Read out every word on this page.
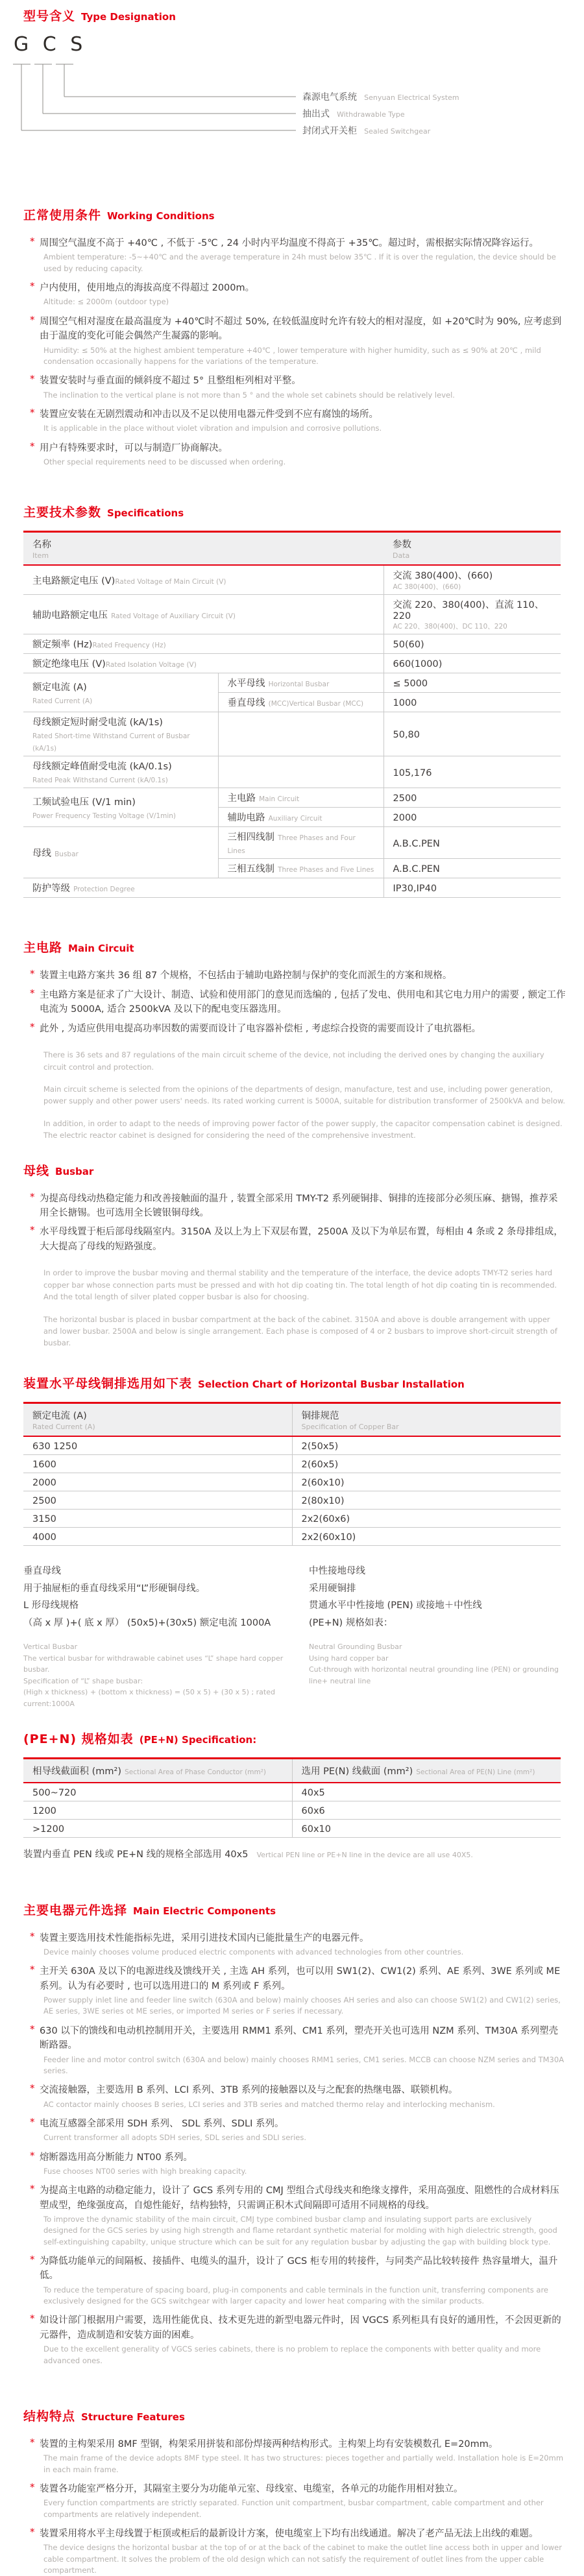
型号含义 Type Designation
G C S
森源电气系统 Senyuan Electrical System
抽出式 Withdrawable Type
封闭式开关柜 Sealed Switchgear
正常使用条件 Working Conditions
* 周围空气温度不高于 +40℃ , 不低于 -5℃ , 24 小时内平均温度不得高于 +35℃。超过时，需根据实际情况降容运行。
Ambient temperature: -5~+40℃ and the average temperature in 24h must below 35℃ . If it is over the regulation, the device should be used by reducing capacity.
* 户内使用，使用地点的海拔高度不得超过 2000m。
Altitude: ≤ 2000m (outdoor type)
* 周围空气相对湿度在最高温度为 +40℃时不超过 50%, 在较低温度时允许有较大的相对湿度，如 +20℃时为 90%, 应考虑到由于温度的变化可能会偶然产生凝露的影响。
Humidity: ≤ 50% at the highest ambient temperature +40℃ , lower temperature with higher humidity, such as ≤ 90% at 20℃ , mild condensation occasionally happens for the variations of the temperature.
* 装置安装时与垂直面的倾斜度不超过 5° 且整组柜列相对平整。
The inclination to the vertical plane is not more than 5 ° and the whole set cabinets should be relatively level.
* 装置应安装在无剧烈震动和冲击以及不足以使用电器元件受到不应有腐蚀的场所。
It is applicable in the place without violet vibration and impulsion and corrosive pollutions.
* 用户有特殊要求时，可以与制造厂协商解决。
Other special requirements need to be discussed when ordering.
主要技术参数 Specifications
名称
Item		参数
Data

主电路额定电压 (V)Rated Voltage of Main Circuit (V)		交流 380(400)、(660)
AC 380(400)、(660)

辅助电路额定电压 Rated Voltage of Auxiliary Circuit (V)		交流 220、380(400)、直流 110、220
AC 220、380(400)、DC 110、220

额定频率 (Hz)Rated Frequency (Hz)		50(60)
额定绝缘电压 (V)Rated Isolation Voltage (V)		660(1000)

额定电流 (A)
Rated Current (A)	水平母线 Horizontal Busbar	≤ 5000
	垂直母线 (MCC)Vertical Busbar (MCC)	1000

母线额定短时耐受电流 (kA/1s)
Rated Short-time Withstand Current of Busbar (kA/1s)		50,80

母线额定峰值耐受电流 (kA/0.1s)
Rated Peak Withstand Current (kA/0.1s)		105,176

工频试验电压 (V/1 min)
Power Frequency Testing Voltage (V/1min)	主电路 Main Circuit	2500
	辅助电路 Auxiliary Circuit	2000
母线 Busbar	三相四线制 Three Phases and Four Lines	A.B.C.PEN
	三相五线制 Three Phases and Five Lines	A.B.C.PEN
防护等级 Protection Degree		IP30,IP40
主电路 Main Circuit
* 装置主电路方案共 36 组 87 个规格，不包括由于辅助电路控制与保护的变化而派生的方案和规格。
* 主电路方案是征求了广大设计、制造、试验和使用部门的意见而选编的 , 包括了发电、供用电和其它电力用户的需要 , 额定工作电流为 5000A, 适合 2500kVA 及以下的配电变压器选用。
* 此外 , 为适应供用电提高功率因数的需要而设计了电容器补偿柜 , 考虑综合投资的需要而设计了电抗器柜。
There is 36 sets and 87 regulations of the main circuit scheme of the device, not including the derived ones by changing the auxiliary circuit control and protection.
Main circuit scheme is selected from the opinions of the departments of design, manufacture, test and use, including power generation, power supply and other power users' needs. Its rated working current is 5000A, suitable for distribution transformer of 2500kVA and below.
In addition, in order to adapt to the needs of improving power factor of the power supply, the capacitor compensation cabinet is designed. The electric reactor cabinet is designed for considering the need of the comprehensive investment.
母线 Busbar
* 为提高母线动热稳定能力和改善接触面的温升 , 装置全部采用 TMY-T2 系列硬铜排、铜排的连接部分必须压麻、搪锡，推荐采用全长搪锡。也可选用全长镀银铜母线。
* 水平母线置于柜后部母线隔室内。3150A 及以上为上下双层布置，2500A 及以下为单层布置，每相由 4 条或 2 条母排组成，大大提高了母线的短路强度。
In order to improve the busbar moving and thermal stability and the temperature of the interface, the device adopts TMY-T2 series hard copper bar whose connection parts must be pressed and with hot dip coating tin. The total length of hot dip coating tin is recommended. And the total length of silver plated copper busbar is also for choosing.
The horizontal busbar is placed in busbar compartment at the back of the cabinet. 3150A and above is double arrangement with upper and lower busbar. 2500A and below is single arrangement. Each phase is composed of 4 or 2 busbars to improve short-circuit strength of busbar.
装置水平母线铜排选用如下表 Selection Chart of Horizontal Busbar Installation
额定电流 (A)
Rated Current (A)	铜排规范
Specification of Copper Bar

630 1250	2(50x5)
1600	2(60x5)
2000	2(60x10)
2500	2(80x10)
3150	2x2(60x6)
4000	2x2(60x10)
垂直母线
用于抽屉柜的垂直母线采用“L”形硬铜母线。
L 形母线规格
（高 x 厚 )+( 底 x 厚） (50x5)+(30x5) 额定电流 1000A
Vertical Busbar
The vertical busbar for withdrawable cabinet uses “L” shape hard copper busbar.
Specification of “L” shape busbar:
(High x thickness) + (bottom x thickness) = (50 x 5) + (30 x 5) ; rated current:1000A
中性接地母线
采用硬铜排
贯通水平中性接地 (PEN) 或接地＋中性线
(PE+N) 规格如表：
Neutral Grounding Busbar
Using hard copper bar
Cut-through with horizontal neutral grounding line (PEN) or grounding line+ neutral line
(PE+N) 规格如表 (PE+N) Specification:
相导线截面积 (mm²) Sectional Area of Phase Conductor (mm²)	选用 PE(N) 线截面 (mm²) Sectional Area of PE(N) Line (mm²)
500~720	40x5
1200	60x6
>1200	60x10
装置内垂直 PEN 线或 PE+N 线的规格全部选用 40x5 Vertical PEN line or PE+N line in the device are all use 40X5.
主要电器元件选择 Main Electric Components
* 装置主要选用技术性能指标先进，采用引进技术国内已能批量生产的电器元件。
Device mainly chooses volume produced electric components with advanced technologies from other countries.
* 主开关 630A 及以下的电源进线及馈线开关 , 主选 AH 系列，也可以用 SW1(2)、CW1(2) 系列、AE 系列、3WE 系列或 ME 系列。认为有必要时 , 也可以选用进口的 M 系列或 F 系列。
Power supply inlet line and feeder line switch (630A and below) mainly chooses AH series and also can choose SW1(2) and CW1(2) series, AE series, 3WE series ot ME series, or imported M series or F series if necessary.
* 630 以下的馈线和电动机控制用开关，主要选用 RMM1 系列、CM1 系列，塑壳开关也可选用 NZM 系列、TM30A 系列塑壳断路器。
Feeder line and motor control switch (630A and below) mainly chooses RMM1 series, CM1 series. MCCB can choose NZM series and TM30A series.
* 交流接触器，主要选用 B 系列、LCI 系列、3TB 系列的接触器以及与之配套的热继电器、联锁机构。
AC contactor mainly chooses B series, LCI series and 3TB series and matched thermo relay and interlocking mechanism.
* 电流互感器全部采用 SDH 系列、 SDL 系列、SDLI 系列。
Current transformer all adopts SDH series, SDL series and SDLI series.
* 熔断器选用高分断能力 NT00 系列。
Fuse chooses NT00 series with high breaking capacity.
* 为提高主电路的动稳定能力，设计了 GCS 系列专用的 CMJ 型组合式母线夹和绝缘支撑件，采用高强度、阻燃性的合成材料压塑成型，绝缘强度高，自熄性能好，结构独特，只需调正积木式间隔即可适用不同规格的母线。
To improve the dynamic stability of the main circuit, CMJ type combined busbar clamp and insulating support parts are exclusively designed for the GCS series by using high strength and flame retardant synthetic material for molding with high dielectric strength, good self-extinguishing capabilty, unique structure which can be suit for any regulation busbar by adjusting the gap with building block type.
* 为降低功能单元的间隔板、接插件、电缆头的温升，设计了 GCS 柜专用的转接件，与同类产品比较转接件 热容量增大，温升低。
To reduce the temperature of spacing board, plug-in components and cable terminals in the function unit, transferring components are exclusively designed for the GCS switchgear with larger capacity and lower heat comparing with the similar products.
* 如设计部门根据用户需要，选用性能优良、技术更先进的新型电器元件时，因 VGCS 系列柜具有良好的通用性，不会因更新的元器件，造成制造和安装方面的困难。
Due to the excellent generality of VGCS series cabinets, there is no problem to replace the components with better quality and more advanced ones.
结构特点 Structure Features
* 装置的主构架采用 8MF 型钢，构架采用拼装和部份焊接两种结构形式。主构架上均有安装模数孔 E=20mm。
The main frame of the device adopts 8MF type steel. It has two structures: pieces together and partially weld. Installation hole is E=20mm in each main frame.
* 装置各功能室严格分开，其隔室主要分为功能单元室、母线室、电缆室，各单元的功能作用相对独立。
Every function compartments are strictly separated. Function unit compartment, busbar compartment, cable compartment and other compartments are relatively independent.
* 装置采用将水平主母线置于柜顶或柜后的最新设计方案，使电缆室上下均有出线通道。解决了老产品无法上出线的难题。
The device designs the horizontal busbar at the top of or at the back of the cabinet to make the outlet line access both in upper and lower cable compartment. It solves the problem of the old design which can not satisfy the requirement of outlet lines from the upper cable compartment.
